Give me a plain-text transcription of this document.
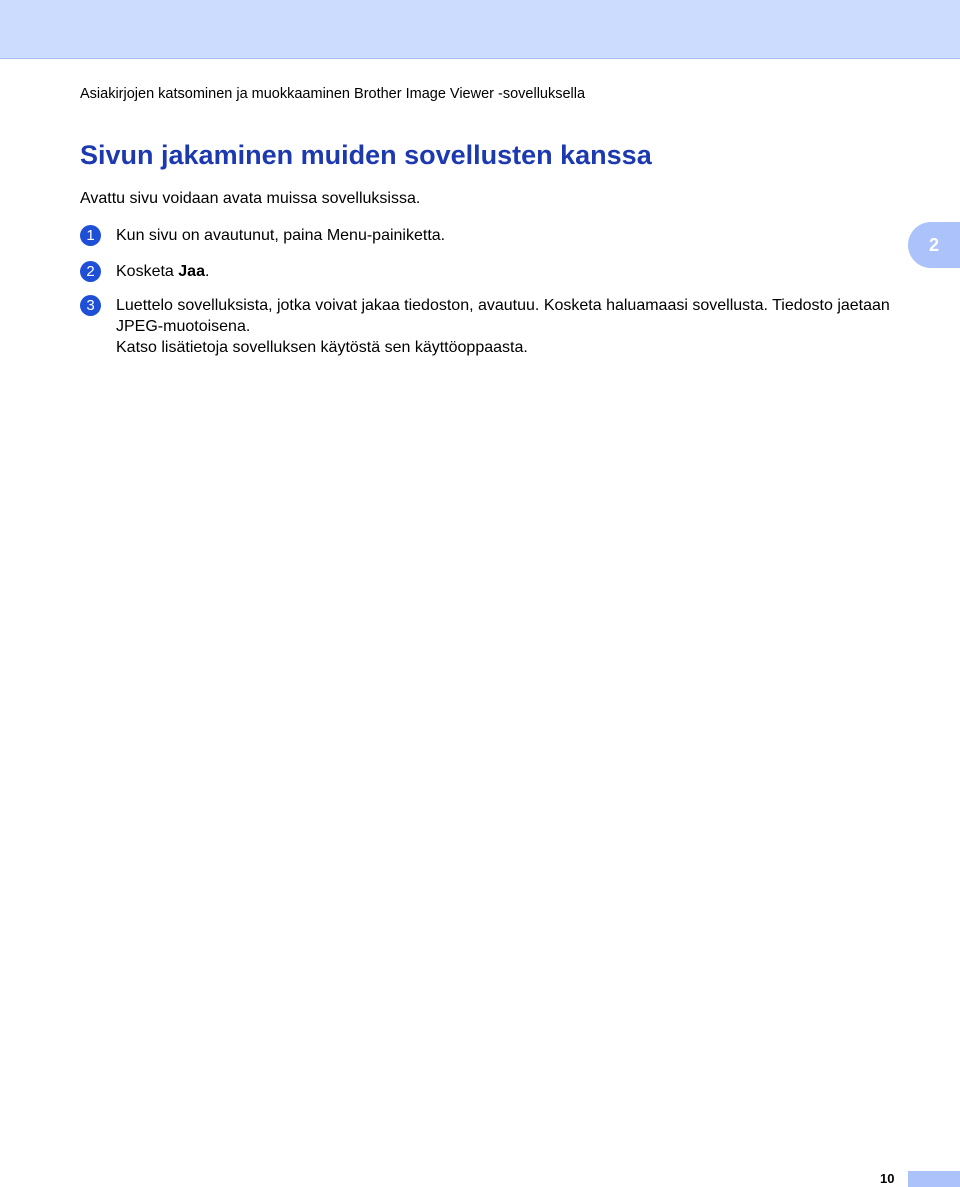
Asiakirjojen katsominen ja muokkaaminen Brother Image Viewer -sovelluksella
Sivun jakaminen muiden sovellusten kanssa
Avattu sivu voidaan avata muissa sovelluksissa.
1	Kun sivu on avautunut, paina Menu-painiketta.

2	Kosketa Jaa.

3	Luettelo sovelluksista, jotka voivat jakaa tiedoston, avautuu. Kosketa haluamaasi sovellusta. Tiedosto jaetaan JPEG-muotoisena.

Katso lisätietoja sovelluksen käytöstä sen käyttöoppaasta.

2
10
